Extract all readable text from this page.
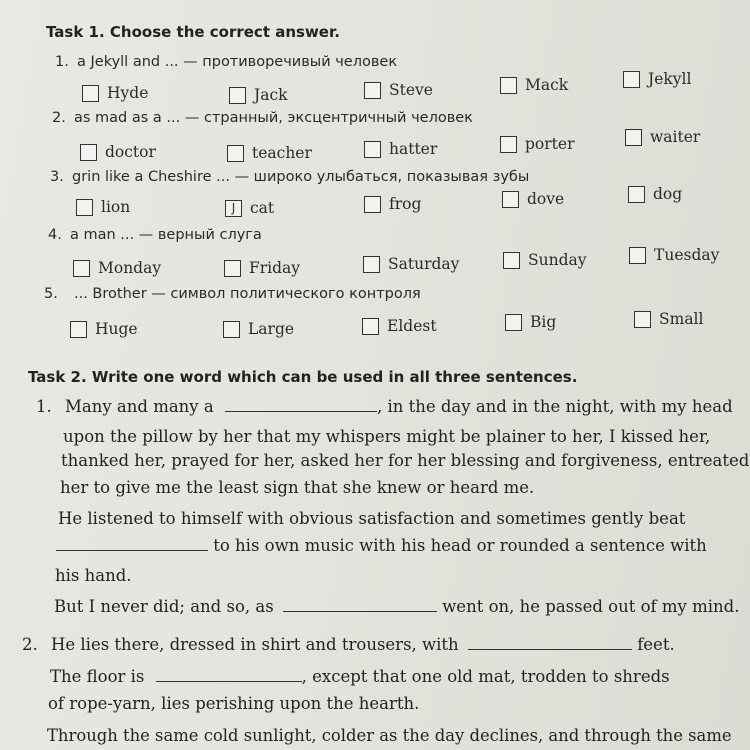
Task 1. Choose the correct answer.
1. a Jekyll and ... — противоречивый человек
Hyde	Jack	Steve	Mack	Jekyll
2. as mad as a ... — странный, эксцентричный человек
doctor	teacher	hatter	porter	waiter
3. grin like a Cheshire ... — широко улыбаться, показывая зубы
lion	J cat	frog	dove	dog
4. a man ... — верный слуга
Monday	Friday	Saturday	Sunday	Tuesday
5. ... Brother — символ политического контроля
Huge	Large	Eldest	Big	Small
Task 2. Write one word which can be used in all three sentences.
1. Many and many a	, in the day and in the night, with my head
upon the pillow by her that my whispers might be plainer to her, I kissed her,
thanked her, prayed for her, asked her for her blessing and forgiveness, entreated
her to give me the least sign that she knew or heard me.
He listened to himself with obvious satisfaction and sometimes gently beat
to his own music with his head or rounded a sentence with
his hand.
But I never did; and so, as	went on, he passed out of my mind.
2. He lies there, dressed in shirt and trousers, with	feet.
The floor is	, except that one old mat, trodden to shreds
of rope-yarn, lies perishing upon the hearth.
Through the same cold sunlight, colder as the day declines, and through the same
